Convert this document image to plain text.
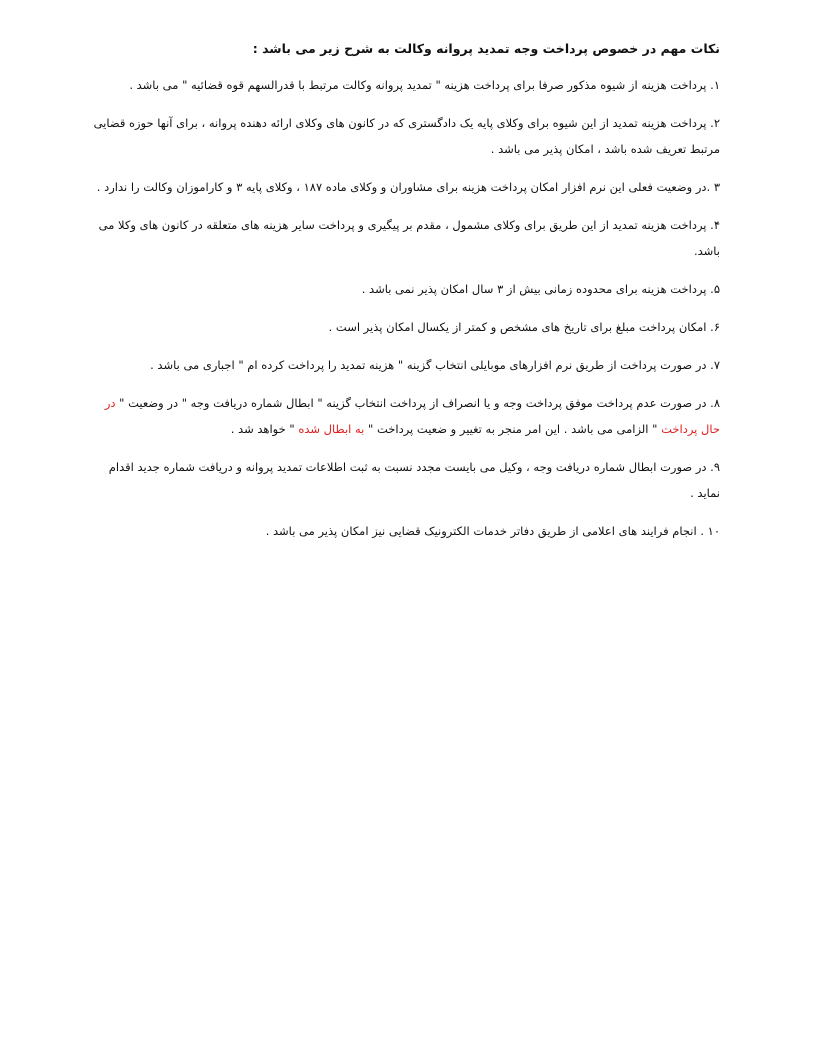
نکات مهم در خصوص پرداخت وجه تمدید پروانه وکالت به شرح زیر می باشد :

۱. پرداخت هزینه از شیوه مذکور صرفا برای پرداخت هزینه " تمدید پروانه وکالت مرتبط با قدرالسهم قوه قضائیه " می باشد .
۲. پرداخت هزینه تمدید از این شیوه برای وکلای پایه یک دادگستری که در کانون های وکلای ارائه دهنده پروانه ، برای آنها حوزه قضایی مرتبط تعریف شده باشد ، امکان پذیر می باشد .
۳ .در وضعیت فعلی این نرم افزار امکان پرداخت هزینه برای مشاوران و وکلای ماده ۱۸۷ ، وکلای پایه ۳ و کاراموزان وکالت را ندارد .
۴. پرداخت هزینه تمدید از این طریق برای وکلای مشمول ، مقدم بر پیگیری و پرداخت سایر هزینه های متعلقه در کانون های وکلا می باشد.
۵. پرداخت هزینه برای محدوده زمانی بیش از ۳ سال امکان پذیر نمی باشد .
۶. امکان پرداخت مبلغ برای تاریخ های مشخص و کمتر از یکسال امکان پذیر است .
۷. در صورت پرداخت از طریق نرم افزارهای موبایلی انتخاب گزینه " هزینه تمدید را پرداخت کرده ام " اجباری می باشد .
۸. در صورت عدم پرداخت موفق پرداخت وجه و یا انصراف از پرداخت انتخاب گزینه " ابطال شماره دریافت وجه " در وضعیت " در حال پرداخت " الزامی می باشد . این امر منجر به تغییر و ضعیت پرداخت " به ابطال شده " خواهد شد .
۹. در صورت ابطال شماره دریافت وجه ، وکیل می بایست مجدد نسبت به ثبت اطلاعات تمدید پروانه و دریافت شماره جدید اقدام نماید .
۱۰ . انجام فرایند های اعلامی از طریق دفاتر خدمات الکترونیک قضایی نیز امکان پذیر می باشد .
